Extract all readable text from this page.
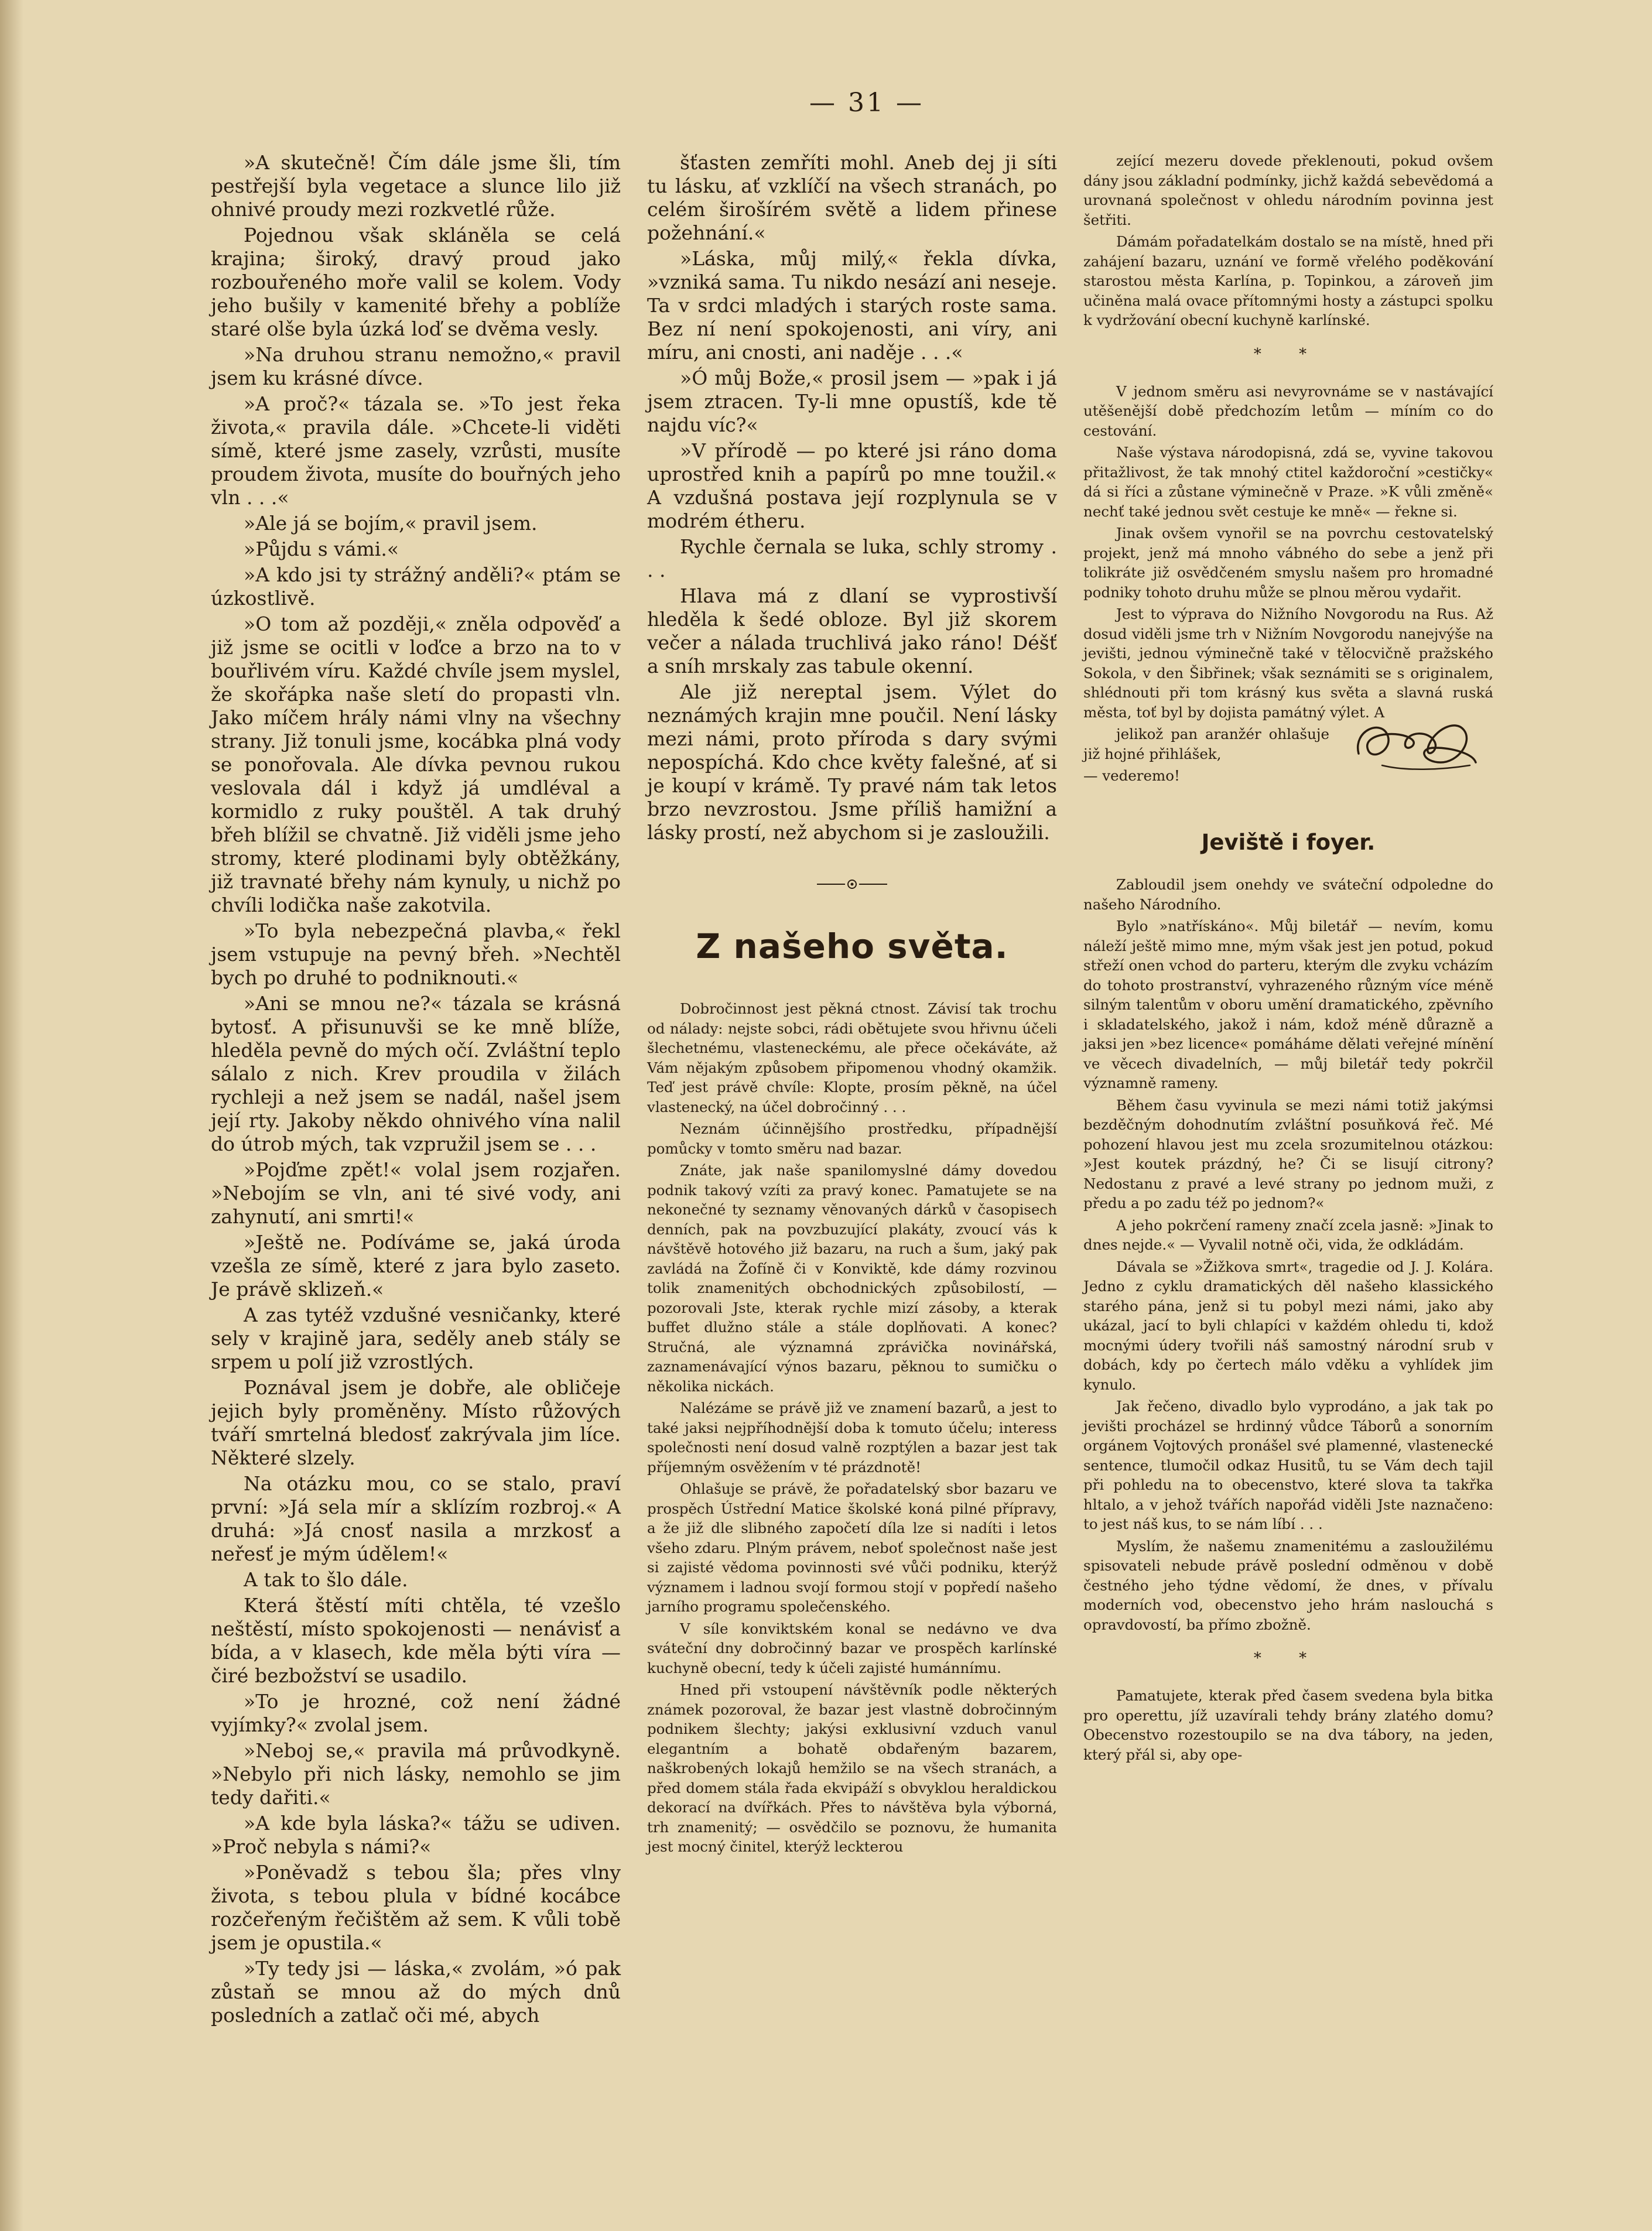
— 31 —

»A skutečně! Čím dále jsme šli, tím pestřejší byla vegetace a slunce lilo již ohnivé proudy mezi rozkvetlé růže.

Pojednou však skláněla se celá krajina; široký, dravý proud jako rozbouřeného moře valil se kolem. Vody jeho bušily v kamenité břehy a poblíže staré olše byla úzká loď se dvěma vesly.

»Na druhou stranu nemožno,« pravil jsem ku krásné dívce.

»A proč?« tázala se. »To jest řeka života,« pravila dále. »Chcete-li viděti símě, které jsme zasely, vzrůsti, musíte proudem života, musíte do bouřných jeho vln . . .«

»Ale já se bojím,« pravil jsem.

»Půjdu s vámi.«

»A kdo jsi ty strážný anděli?« ptám se úzkostlivě.

»O tom až později,« zněla odpověď a již jsme se ocitli v loďce a brzo na to v bouřlivém víru. Každé chvíle jsem myslel, že skořápka naše sletí do propasti vln. Jako míčem hrály námi vlny na všechny strany. Již tonuli jsme, kocábka plná vody se ponořovala. Ale dívka pevnou rukou veslovala dál i když já umdléval a kormidlo z ruky pouštěl. A tak druhý břeh blížil se chvatně. Již viděli jsme jeho stromy, které plodinami byly obtěžkány, již travnaté břehy nám kynuly, u nichž po chvíli lodička naše zakotvila.

»To byla nebezpečná plavba,« řekl jsem vstupuje na pevný břeh. »Nechtěl bych po druhé to podniknouti.«

»Ani se mnou ne?« tázala se krásná bytosť. A přisunuvši se ke mně blíže, hleděla pevně do mých očí. Zvláštní teplo sálalo z nich. Krev proudila v žilách rychleji a než jsem se nadál, našel jsem její rty. Jakoby někdo ohnivého vína nalil do útrob mých, tak vzpružil jsem se . . .

»Pojďme zpět!« volal jsem rozjařen. »Nebojím se vln, ani té sivé vody, ani zahynutí, ani smrti!«

»Ještě ne. Podíváme se, jaká úroda vzešla ze símě, které z jara bylo zaseto. Je právě sklizeň.«

A zas tytéž vzdušné vesničanky, které sely v krajině jara, seděly aneb stály se srpem u polí již vzrostlých.

Poznával jsem je dobře, ale obličeje jejich byly proměněny. Místo růžových tváří smrtelná bledosť zakrývala jim líce. Některé slzely.

Na otázku mou, co se stalo, praví první: »Já sela mír a sklízím rozbroj.« A druhá: »Já cnosť nasila a mrzkosť a neřesť je mým údělem!«

A tak to šlo dále.

Která štěstí míti chtěla, té vzešlo neštěstí, místo spokojenosti — nenávisť a bída, a v klasech, kde měla býti víra — čiré bezbožství se usadilo.

»To je hrozné, což není žádné vyjímky?« zvolal jsem.

»Neboj se,« pravila má průvodkyně. »Nebylo při nich lásky, nemohlo se jim tedy dařiti.«

»A kde byla láska?« tážu se udiven. »Proč nebyla s námi?«

»Poněvadž s tebou šla; přes vlny života, s tebou plula v bídné kocábce rozčeřeným řečištěm až sem. K vůli tobě jsem je opustila.«

»Ty tedy jsi — láska,« zvolám, »ó pak zůstaň se mnou až do mých dnů posledních a zatlač oči mé, abych

šťasten zemříti mohl. Aneb dej ji síti tu lásku, ať vzklíčí na všech stranách, po celém širošírém světě a lidem přinese požehnání.«

»Láska, můj milý,« řekla dívka, »vzniká sama. Tu nikdo nesází ani neseje. Ta v srdci mladých i starých roste sama. Bez ní není spokojenosti, ani víry, ani míru, ani cnosti, ani naděje . . .«

»Ó můj Bože,« prosil jsem — »pak i já jsem ztracen. Ty-li mne opustíš, kde tě najdu víc?«

»V přírodě — po které jsi ráno doma uprostřed knih a papírů po mne toužil.« A vzdušná postava její rozplynula se v modrém étheru.

Rychle černala se luka, schly stromy . . .

Hlava má z dlaní se vyprostivší hleděla k šedé obloze. Byl již skorem večer a nálada truchlivá jako ráno! Déšť a sníh mrskaly zas tabule okenní.

Ale již nereptal jsem. Výlet do neznámých krajin mne poučil. Není lásky mezi námi, proto příroda s dary svými nepospíchá. Kdo chce květy falešné, ať si je koupí v krámě. Ty pravé nám tak letos brzo nevzrostou. Jsme příliš hamižní a lásky prostí, než abychom si je zasloužili.

Z našeho světa.

Dobročinnost jest pěkná ctnost. Závisí tak trochu od nálady: nejste sobci, rádi obětujete svou hřivnu účeli šlechetnému, vlasteneckému, ale přece očekáváte, až Vám nějakým způsobem připomenou vhodný okamžik. Teď jest právě chvíle: Klopte, prosím pěkně, na účel vlastenecký, na účel dobročinný . . .

Neznám účinnějšího prostředku, případnější pomůcky v tomto směru nad bazar.

Znáte, jak naše spanilomyslné dámy dovedou podnik takový vzíti za pravý konec. Pamatujete se na nekonečné ty seznamy věnovaných dárků v časopisech denních, pak na povzbuzující plakáty, zvoucí vás k návštěvě hotového již bazaru, na ruch a šum, jaký pak zavládá na Žofíně či v Konviktě, kde dámy rozvinou tolik znamenitých obchodnických způsobilostí, — pozorovali Jste, kterak rychle mizí zásoby, a kterak buffet dlužno stále a stále doplňovati. A konec? Stručná, ale významná zprávička novinářská, zaznamenávající výnos bazaru, pěknou to sumičku o několika nickách.

Nalézáme se právě již ve znamení bazarů, a jest to také jaksi nejpříhodnější doba k tomuto účelu; interess společnosti není dosud valně rozptýlen a bazar jest tak příjemným osvěžením v té prázdnotě!

Ohlašuje se právě, že pořadatelský sbor bazaru ve prospěch Ústřední Matice školské koná pilné přípravy, a že již dle slibného započetí díla lze si nadíti i letos všeho zdaru. Plným právem, neboť společnost naše jest si zajisté vědoma povinnosti své vůči podniku, kterýž významem i ladnou svojí formou stojí v popředí našeho jarního programu společenského.

V síle konviktském konal se nedávno ve dva sváteční dny dobročinný bazar ve prospěch karlínské kuchyně obecní, tedy k účeli zajisté humánnímu.

Hned při vstoupení návštěvník podle některých známek pozoroval, že bazar jest vlastně dobročinným podnikem šlechty; jakýsi exklusivní vzduch vanul elegantním a bohatě obdařeným bazarem, naškrobených lokajů hemžilo se na všech stranách, a před domem stála řada ekvipáží s obvyklou heraldickou dekorací na dvířkách. Přes to návštěva byla výborná, trh znamenitý; — osvědčilo se poznovu, že humanita jest mocný činitel, kterýž leckterou

zející mezeru dovede překlenouti, pokud ovšem dány jsou základní podmínky, jichž každá sebevědomá a urovnaná společnost v ohledu národním povinna jest šetřiti.

Dámám pořadatelkám dostalo se na místě, hned při zahájení bazaru, uznání ve formě vřelého poděkování starostou města Karlína, p. Topinkou, a zároveň jim učiněna malá ovace přítomnými hosty a zástupci spolku k vydržování obecní kuchyně karlínské.

* *

V jednom směru asi nevyrovnáme se v nastávající utěšenější době předchozím letům — míním co do cestování.

Naše výstava národopisná, zdá se, vyvine takovou přitažlivost, že tak mnohý ctitel každoroční »cestičky« dá si říci a zůstane výminečně v Praze. »K vůli změně« nechť také jednou svět cestuje ke mně« — řekne si.

Jinak ovšem vynořil se na povrchu cestovatelský projekt, jenž má mnoho vábného do sebe a jenž při tolikráte již osvědčeném smyslu našem pro hromadné podniky tohoto druhu může se plnou měrou vydařit.

Jest to výprava do Nižního Novgorodu na Rus. Až dosud viděli jsme trh v Nižním Novgorodu nanejvýše na jevišti, jednou výminečně také v tělocvičně pražského Sokola, v den Šibřinek; však seznámiti se s originalem, shlédnouti při tom krásný kus světa a slavná ruská města, toť byl by dojista památný výlet. A

jelikož pan aranžér ohlašuje již hojné přihlášek,

— vederemo!

Jeviště i foyer.

Zabloudil jsem onehdy ve sváteční odpoledne do našeho Národního.

Bylo »natřískáno«. Můj biletář — nevím, komu náleží ještě mimo mne, mým však jest jen potud, pokud střeží onen vchod do parteru, kterým dle zvyku vcházím do tohoto prostranství, vyhrazeného různým více méně silným talentům v oboru umění dramatického, zpěvního i skladatelského, jakož i nám, kdož méně důrazně a jaksi jen »bez licence« pomáháme dělati veřejné mínění ve věcech divadelních, — můj biletář tedy pokrčil významně rameny.

Během času vyvinula se mezi námi totiž jakýmsi bezděčným dohodnutím zvláštní posuňková řeč. Mé pohození hlavou jest mu zcela srozumitelnou otázkou: »Jest koutek prázdný, he? Či se lisují citrony? Nedostanu z pravé a levé strany po jednom muži, z předu a po zadu též po jednom?«

A jeho pokrčení rameny značí zcela jasně: »Jinak to dnes nejde.« — Vyvalil notně oči, vida, že odkládám.

Dávala se »Žižkova smrt«, tragedie od J. J. Kolára. Jedno z cyklu dramatických děl našeho klassického starého pána, jenž si tu pobyl mezi námi, jako aby ukázal, jací to byli chlapíci v každém ohledu ti, kdož mocnými údery tvořili náš samostný národní srub v dobách, kdy po čertech málo vděku a vyhlídek jim kynulo.

Jak řečeno, divadlo bylo vyprodáno, a jak tak po jevišti procházel se hrdinný vůdce Táborů a sonorním orgánem Vojtových pronášel své plamenné, vlastenecké sentence, tlumočil odkaz Husitů, tu se Vám dech tajil při pohledu na to obecenstvo, které slova ta takřka hltalo, a v jehož tvářích napořád viděli Jste naznačeno: to jest náš kus, to se nám líbí . . .

Myslím, že našemu znamenitému a zasloužilému spisovateli nebude právě poslední odměnou v době čestného jeho týdne vědomí, že dnes, v přívalu moderních vod, obecenstvo jeho hrám naslouchá s opravdovostí, ba přímo zbožně.

* *

Pamatujete, kterak před časem svedena byla bitka pro operettu, jíž uzavírali tehdy brány zlatého domu? Obecenstvo rozestoupilo se na dva tábory, na jeden, který přál si, aby ope-
